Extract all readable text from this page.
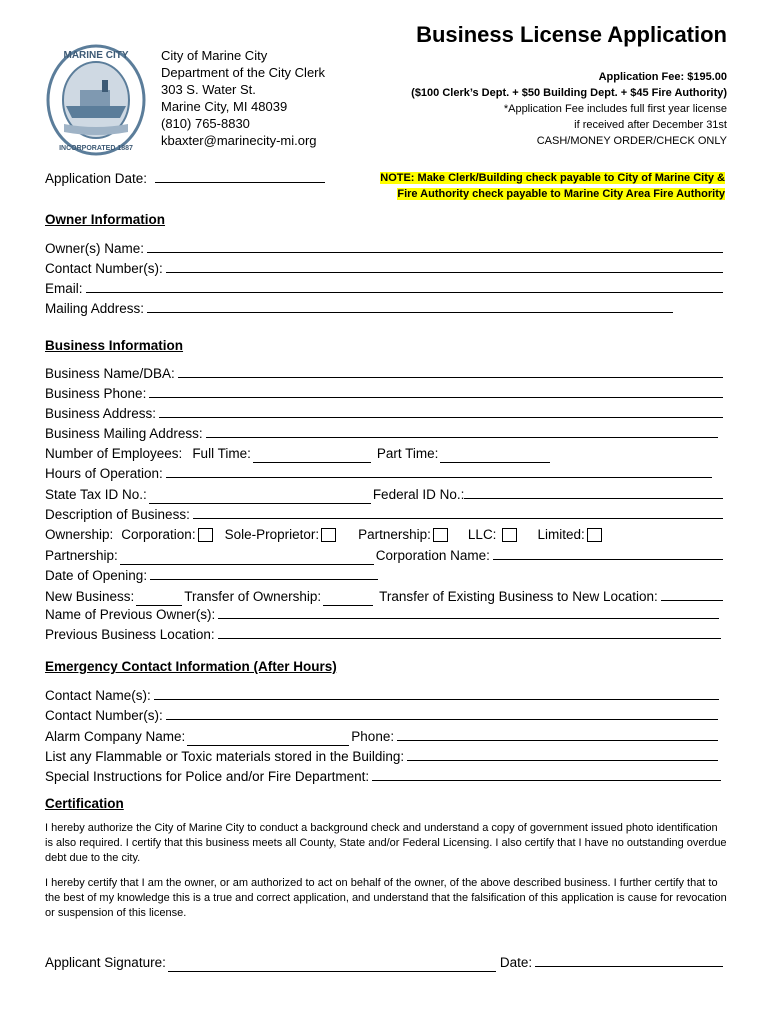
MARINE CITY
INCORPORATED 1887
City of Marine City
Department of the City Clerk
303 S. Water St.
Marine City, MI 48039
(810) 765-8830
kbaxter@marinecity-mi.org
Business License Application
Application Fee: $195.00
($100 Clerk’s Dept. + $50 Building Dept. + $45 Fire Authority)
*Application Fee includes full first year license
if received after December 31st
CASH/MONEY ORDER/CHECK ONLY
Application Date:	NOTE: Make Clerk/Building check payable to City of Marine City &
Fire Authority check payable to Marine City Area Fire Authority
Owner Information
Owner(s) Name:
Contact Number(s):
Email:
Mailing Address:
Business Information
Business Name/DBA:
Business Phone:
Business Address:
Business Mailing Address:
Number of Employees: Full Time:	Part Time:
Hours of Operation:
State Tax ID No.:	Federal ID No.:
Description of Business:
Ownership: Corporation: Sole-Proprietor:	Partnership:	LLC:	Limited:
Partnership:	Corporation Name:
Date of Opening:
New Business:	Transfer of Ownership:	Transfer of Existing Business to New Location:
Name of Previous Owner(s):
Previous Business Location:
Emergency Contact Information (After Hours)
Contact Name(s):
Contact Number(s):
Alarm Company Name:	Phone:
List any Flammable or Toxic materials stored in the Building:
Special Instructions for Police and/or Fire Department:
Certification
I hereby authorize the City of Marine City to conduct a background check and understand a copy of government issued photo identification is also required. I certify that this business meets all County, State and/or Federal Licensing. I also certify that I have no outstanding overdue debt due to the city.
I hereby certify that I am the owner, or am authorized to act on behalf of the owner, of the above described business. I further certify that to the best of my knowledge this is a true and correct application, and understand that the falsification of this application is cause for revocation or suspension of this license.
Applicant Signature:	Date:
